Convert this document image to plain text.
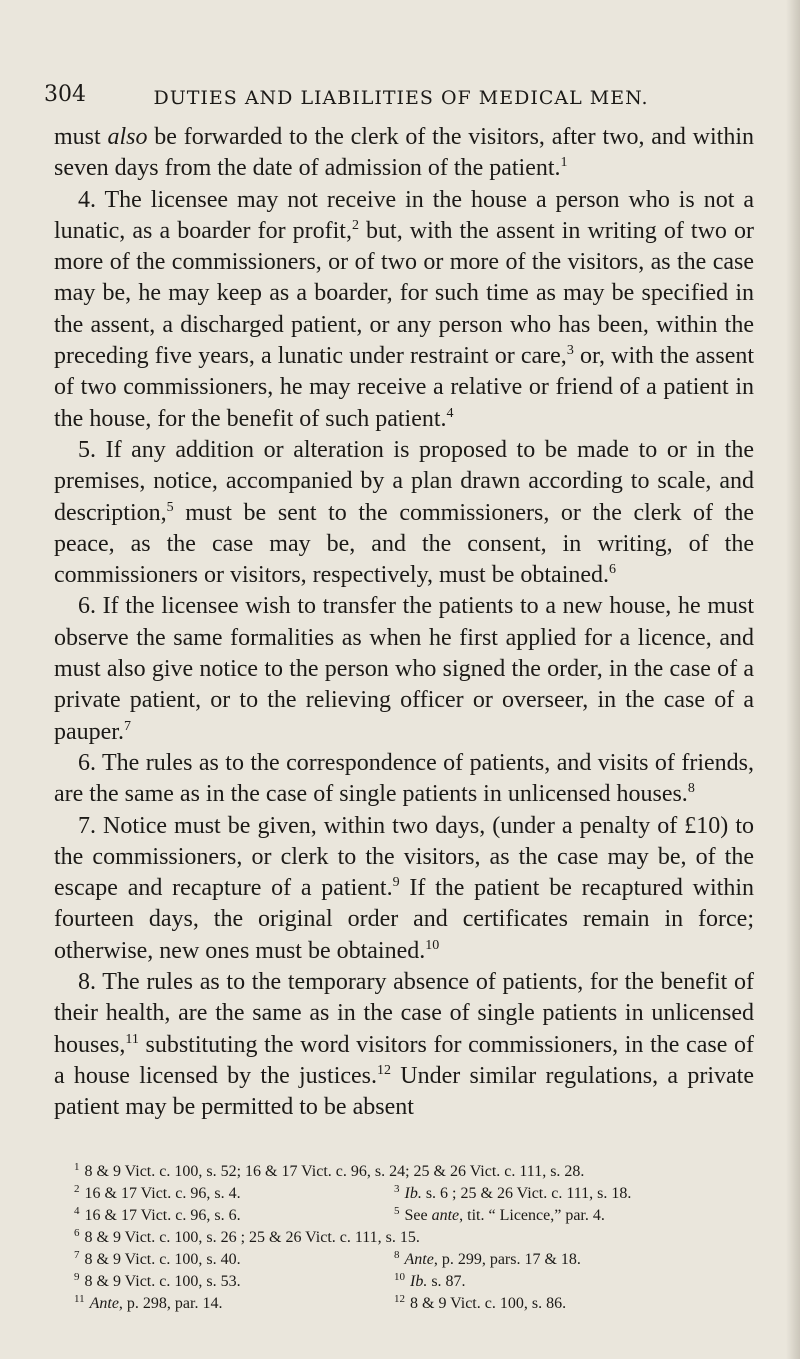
304	DUTIES AND LIABILITIES OF MEDICAL MEN.

must also be forwarded to the clerk of the visitors, after two, and within seven days from the date of admission of the patient.$^1$

4. The licensee may not receive in the house a person who is not a lunatic, as a boarder for profit,$^2$ but, with the assent in writing of two or more of the commissioners, or of two or more of the visitors, as the case may be, he may keep as a boarder, for such time as may be specified in the assent, a discharged patient, or any person who has been, within the preceding five years, a lunatic under restraint or care,$^3$ or, with the assent of two commissioners, he may receive a relative or friend of a patient in the house, for the benefit of such patient.$^4$

5. If any addition or alteration is proposed to be made to or in the premises, notice, accompanied by a plan drawn according to scale, and description,$^5$ must be sent to the commissioners, or the clerk of the peace, as the case may be, and the consent, in writing, of the commissioners or visitors, respectively, must be obtained.$^6$

6. If the licensee wish to transfer the patients to a new house, he must observe the same formalities as when he first applied for a licence, and must also give notice to the person who signed the order, in the case of a private patient, or to the relieving officer or overseer, in the case of a pauper.$^7$

6. The rules as to the correspondence of patients, and visits of friends, are the same as in the case of single patients in unlicensed houses.$^8$

7. Notice must be given, within two days, (under a penalty of £10) to the commissioners, or clerk to the visitors, as the case may be, of the escape and recapture of a patient.$^9$ If the patient be recaptured within fourteen days, the original order and certificates remain in force; otherwise, new ones must be obtained.$^{10}$

8. The rules as to the temporary absence of patients, for the benefit of their health, are the same as in the case of single patients in unlicensed houses,$^{11}$ substituting the word visitors for commissioners, in the case of a house licensed by the justices.$^{12}$ Under similar regulations, a private patient may be permitted to be absent

$^1$ 8 & 9 Vict. c. 100, s. 52; 16 & 17 Vict. c. 96, s. 24; 25 & 26 Vict. c. 111, s. 28.
$^2$ 16 & 17 Vict. c. 96, s. 4.	$^3$ Ib. s. 6 ; 25 & 26 Vict. c. 111, s. 18.
$^4$ 16 & 17 Vict. c. 96, s. 6.	$^5$ See ante, tit. “ Licence,” par. 4.
$^6$ 8 & 9 Vict. c. 100, s. 26 ; 25 & 26 Vict. c. 111, s. 15.
$^7$ 8 & 9 Vict. c. 100, s. 40.	$^8$ Ante, p. 299, pars. 17 & 18.
$^9$ 8 & 9 Vict. c. 100, s. 53.	$^{10}$ Ib. s. 87.
$^{11}$ Ante, p. 298, par. 14.	$^{12}$ 8 & 9 Vict. c. 100, s. 86.
